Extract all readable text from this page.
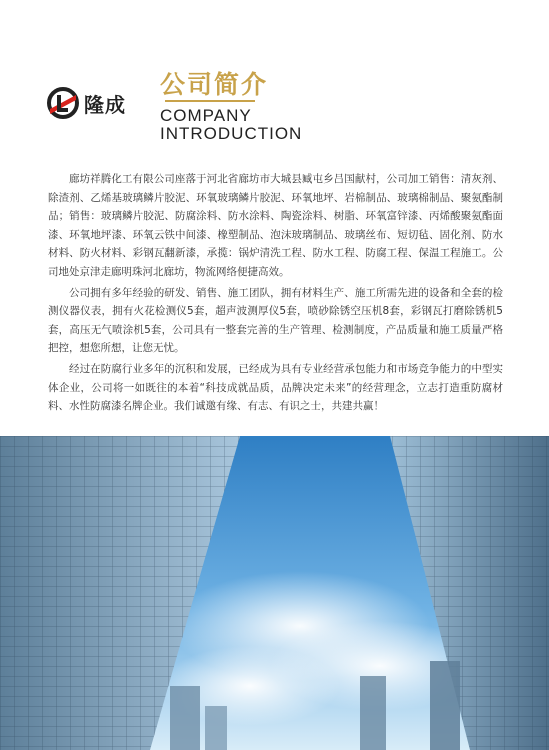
隆成
公司简介
COMPANY
INTRODUCTION

廊坊祥腾化工有限公司座落于河北省廊坊市大城县臧屯乡吕国献村，公司加工销售：清灰剂、除渣剂、乙烯基玻璃鳞片胶泥、环氧玻璃鳞片胶泥、环氧地坪、岩棉制品、玻璃棉制品、聚氨酯制品；销售：玻璃鳞片胶泥、防腐涂料、防水涂料、陶瓷涂料、树脂、环氧富锌漆、丙烯酸聚氨酯面漆、环氧地坪漆、环氧云铁中间漆、橡塑制品、泡沫玻璃制品、玻璃丝布、短切毡、固化剂、防水材料、防火材料、彩钢瓦翻新漆，承揽：锅炉清洗工程、防水工程、防腐工程、保温工程施工。公司地处京津走廊明珠河北廊坊，物流网络便捷高效。

公司拥有多年经验的研发、销售、施工团队，拥有材料生产、施工所需先进的设备和全套的检测仪器仪表，拥有火花检测仪5套，超声波测厚仪5套，喷砂除锈空压机8套，彩钢瓦打磨除锈机5套，高压无气喷涂机5套，公司具有一整套完善的生产管理、检测制度，产品质量和施工质量严格把控，想您所想，让您无忧。

经过在防腐行业多年的沉积和发展，已经成为具有专业经营承包能力和市场竞争能力的中型实体企业，公司将一如既往的本着“科技成就品质，品牌决定未来”的经营理念，立志打造重防腐材料、水性防腐漆名牌企业。我们诚邀有缘、有志、有识之士，共建共赢！
